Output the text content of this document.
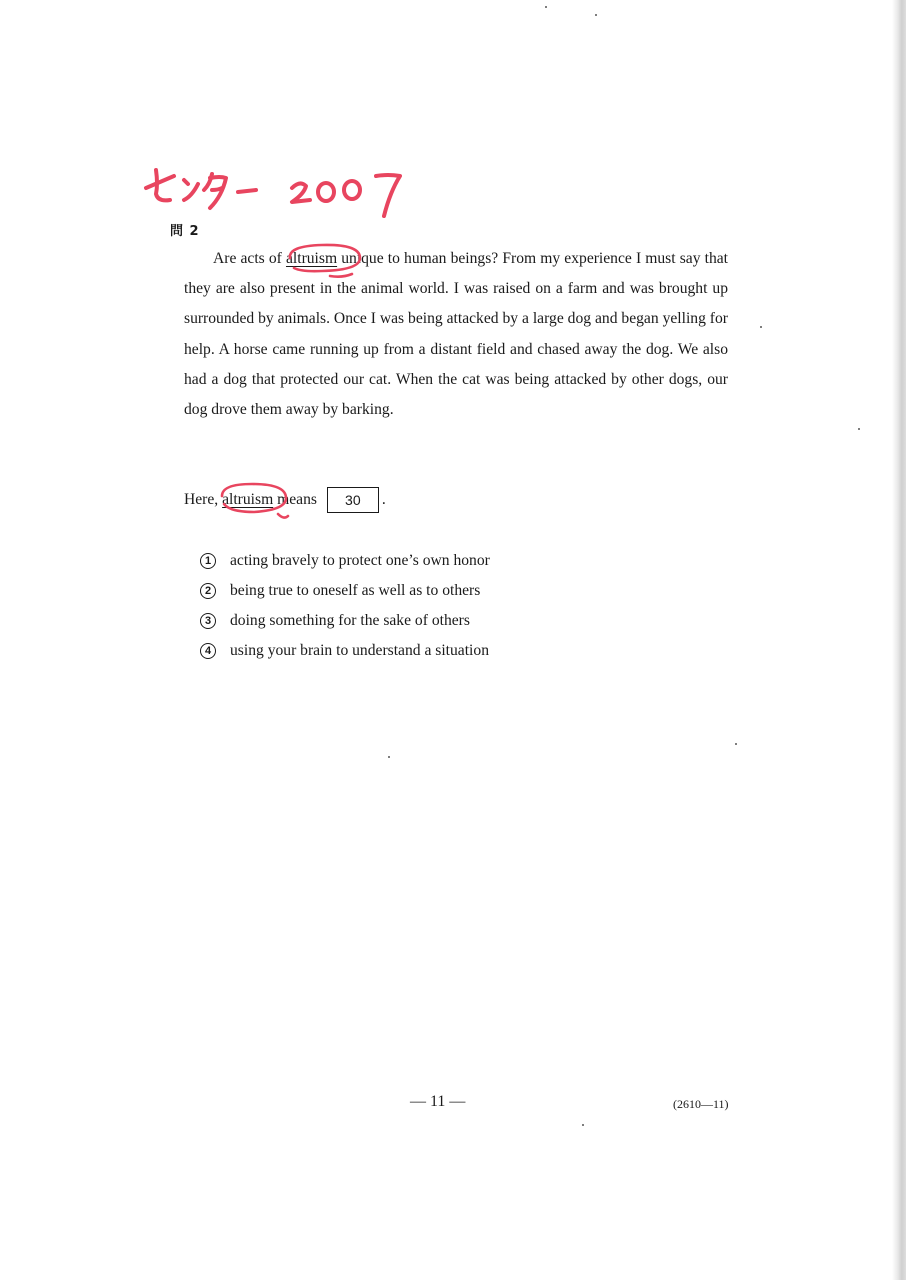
問 2

Are acts of altruism unique to human beings? From my experience I must say that they are also present in the animal world. I was raised on a farm and was brought up surrounded by animals. Once I was being attacked by a large dog and began yelling for help. A horse came running up from a distant field and chased away the dog. We also had a dog that protected our cat. When the cat was being attacked by other dogs, our dog drove them away by barking.

Here, altruism means 30 .
1	acting bravely to protect one’s own honor
2	being true to oneself as well as to others
3	doing something for the sake of others
4	using your brain to understand a situation
— 11 —	(2610—11)
